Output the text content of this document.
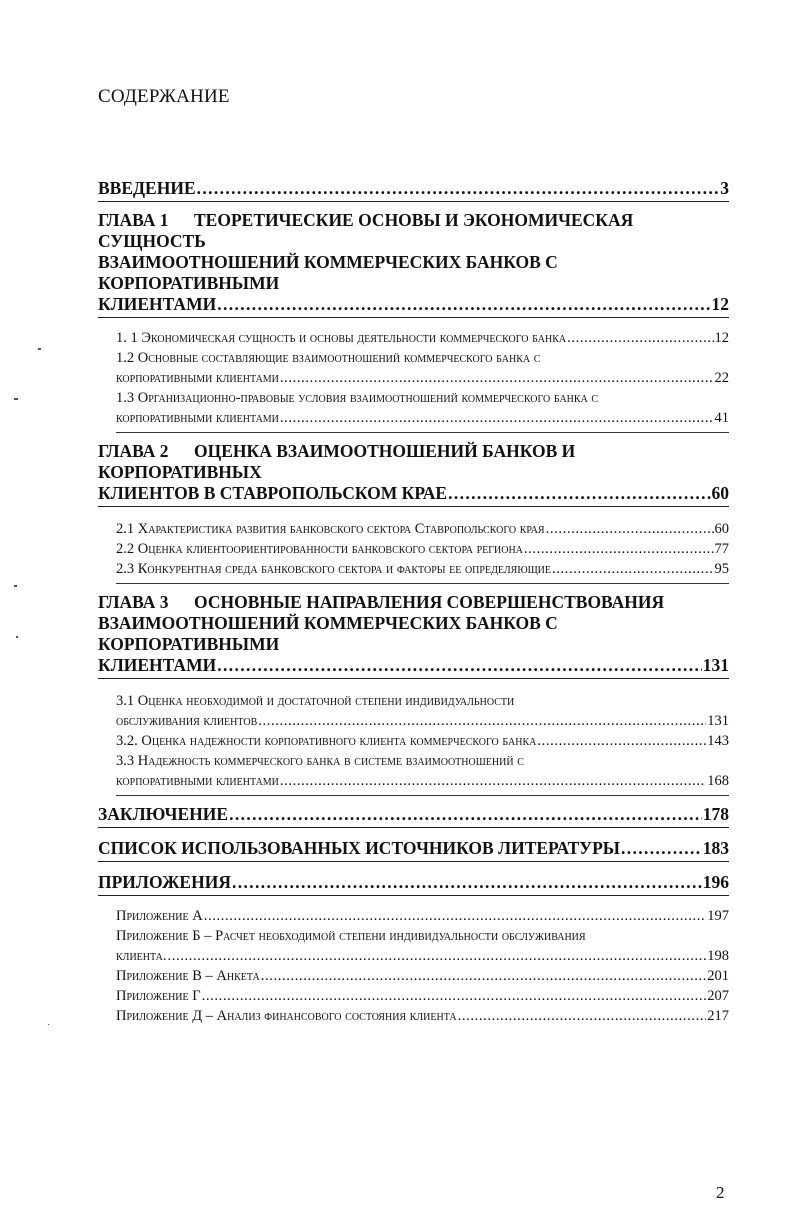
СОДЕРЖАНИЕ
ВВЕДЕНИЕ . . .	3
ГЛАВА 1 ТЕОРЕТИЧЕСКИЕ ОСНОВЫ И ЭКОНОМИЧЕСКАЯ СУЩНОСТЬ
ВЗАИМООТНОШЕНИЙ КОММЕРЧЕСКИХ БАНКОВ С КОРПОРАТИВНЫМИ
КЛИЕНТАМИ . . .	12
1. 1 Экономическая сущность и основы деятельности коммерческого банка . . .	12
1.2 Основные составляющие взаимоотношений коммерческого банка с
корпоративными клиентами . . .	22
1.3 Организационно-правовые условия взаимоотношений коммерческого банка с
корпоративными клиентами . . .	41
ГЛАВА 2 ОЦЕНКА ВЗАИМООТНОШЕНИЙ БАНКОВ И КОРПОРАТИВНЫХ
КЛИЕНТОВ В СТАВРОПОЛЬСКОМ КРАЕ . . .	60
2.1 Характеристика развития банковского сектора Ставропольского края . . .	60
2.2 Оценка клиентоориентированности банковского сектора региона . . .	77
2.3 Конкурентная среда банковского сектора и факторы ее определяющие . . .	95
ГЛАВА 3 ОСНОВНЫЕ НАПРАВЛЕНИЯ СОВЕРШЕНСТВОВАНИЯ
ВЗАИМООТНОШЕНИЙ КОММЕРЧЕСКИХ БАНКОВ С КОРПОРАТИВНЫМИ
КЛИЕНТАМИ . . .	131
3.1 Оценка необходимой и достаточной степени индивидуальности
обслуживания клиентов . . .	131
3.2. Оценка надежности корпоративного клиента коммерческого банка . . .	143
3.3 Надежность коммерческого банка в системе взаимоотношений с
корпоративными клиентами . . .	168
ЗАКЛЮЧЕНИЕ . . .	178
СПИСОК ИСПОЛЬЗОВАННЫХ ИСТОЧНИКОВ ЛИТЕРАТУРЫ . . .	183
ПРИЛОЖЕНИЯ . . .	196
Приложение А . . .	197
Приложение Б – Расчет необходимой степени индивидуальности обслуживания
клиента. . . .	198
Приложение В – Анкета . . .	201
Приложение Г . . .	207
Приложение Д – Анализ финансового состояния клиента . . .	217
2
